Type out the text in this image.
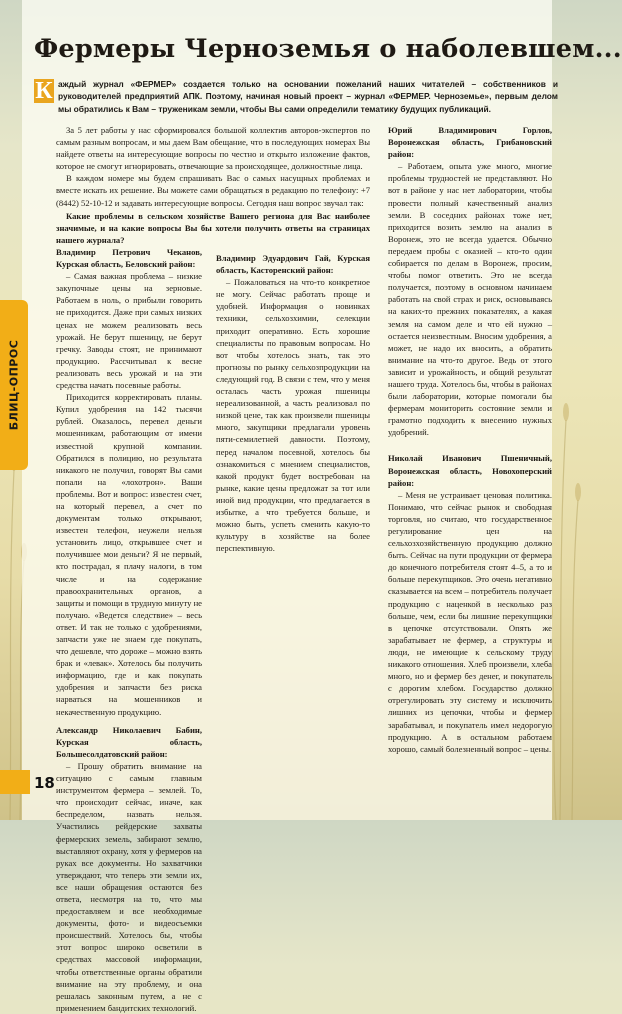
Фермеры Черноземья о наболевшем...
К аждый журнал «ФЕРМЕР» создается только на основании пожеланий наших читателей – собственников и руководителей предприятий АПК. Поэтому, начиная новый проект – журнал «ФЕРМЕР. Черноземье», первым делом мы обратились к Вам – труженикам земли, чтобы Вы сами определили тематику будущих публикаций.

За 5 лет работы у нас сформировался большой коллектив авторов-экспертов по самым разным вопросам, и мы даем Вам обещание, что в последующих номерах Вы найдете ответы на интересующие вопросы по честно и открыто изложение фактов, которое не смогут игнорировать, отвечающие за происходящее, должностные лица.

В каждом номере мы будем спрашивать Вас о самых насущных проблемах и вместе искать их решение. Вы можете сами обращаться в редакцию по телефону: +7 (8442) 52-10-12 и задавать интересующие вопросы. Сегодня наш вопрос звучал так:

Какие проблемы в сельском хозяйстве Вашего региона для Вас наиболее значимые, и на какие вопросы Вы бы хотели получить ответы на страницах нашего журнала?

Владимир Петрович Чеканов, Курская область, Беловский район:

– Самая важная проблема – низкие закупочные цены на зерновые. Работаем в ноль, о прибыли говорить не приходится. Даже при самых низких ценах не можем реализовать весь урожай. Не берут пшеницу, не берут гречку. Заводы стоят, не принимают продукцию. Рассчитывал к весне реализовать весь урожай и на эти средства начать посевные работы.

Приходится корректировать планы. Купил удобрения на 142 тысячи рублей. Оказалось, перевел деньги мошенникам, работающим от имени известной крупной компании. Обратился в полицию, но результата никакого не получил, говорят Вы сами попали на «лохотрон». Ваши проблемы. Вот и вопрос: известен счет, на который перевел, а счет по документам только открывают, известен телефон, неужели нельзя установить лицо, открывшее счет и получившее мои деньги? Я не первый, кто пострадал, я плачу налоги, в том числе и на содержание правоохранительных органов, а защиты и помощи в трудную минуту не получаю. «Ведется следствие» – весь ответ. И так не только с удобрениями, запчасти уже не знаем где покупать, что дешевле, что дороже – можно взять брак и «левак». Хотелось бы получить информацию, где и как покупать удобрения и запчасти без риска нарваться на мошенников и некачественную продукцию.

Александр Николаевич Бабин, Курская область, Большесолдатовский район:

– Прошу обратить внимание на ситуацию с самым главным инструментом фермера – землей. То, что происходит сейчас, иначе, как беспределом, назвать нельзя. Участились рейдерские захваты фермерских земель, забирают землю, выставляют охрану, хотя у фермеров на руках все документы. Но захватчики утверждают, что теперь эти земли их, все наши обращения остаются без ответа, несмотря на то, что мы предоставляем и все необходимые документы, фото- и видеосъемки происшествий. Хотелось бы, чтобы этот вопрос широко осветили в средствах массовой информации, чтобы ответственные органы обратили внимание на эту проблему, и она решалась законным путем, а не с применением бандитских технологий.

Владимир Эдуардович Гай, Курская область, Касторенский район:

– Пожаловаться на что-то конкретное не могу. Сейчас работать проще и удобней. Информация о новинках техники, сельхозхимии, селекции приходит оперативно. Есть хорошие специалисты по правовым вопросам. Но вот чтобы хотелось знать, так это прогнозы по рынку сельхозпродукции на следующий год. В связи с тем, что у меня осталась часть урожая пшеницы нереализованной, а часть реализовал по низкой цене, так как произвели пшеницы много, закупщики предлагали уровень пяти-семилетней давности. Поэтому, перед началом посевной, хотелось бы ознакомиться с мнением специалистов, какой продукт будет востребован на рынке, какие цены предложат за тот или иной вид продукции, что предлагается в избытке, а что требуется больше, и можно быть, успеть сменить какую-то культуру в хозяйстве на более перспективную.

Юрий Владимирович Горлов, Воронежская область, Грибановский район:

– Работаем, опыта уже много, многие проблемы трудностей не представляют. Но вот в районе у нас нет лаборатории, чтобы провести полный качественный анализ земли. В соседних районах тоже нет, приходится возить землю на анализ в Воронеж, это не всегда удается. Обычно передаем пробы с оказией – кто-то один собирается по делам в Воронеж, просим, чтобы помог ответить. Это не всегда получается, поэтому в основном начинаем работать на свой страх и риск, основываясь на каких-то прежних показателях, а какая земля на самом деле и что ей нужно – остается неизвестным. Вносим удобрения, а может, не надо их вносить, а обратить внимание на что-то другое. Ведь от этого зависит и урожайность, и общий результат нашего труда. Хотелось бы, чтобы в районах были лаборатории, которые помогали бы фермерам мониторить состояние земли и грамотно подходить к внесению нужных удобрений.

Николай Иванович Пшеничный, Воронежская область, Новохоперский район:

– Меня не устраивает ценовая политика. Понимаю, что сейчас рынок и свободная торговля, но считаю, что государственное регулирование цен на сельхозхозяйственную продукцию должно быть. Сейчас на пути продукции от фермера до конечного потребителя стоят 4–5, а то и больше перекупщиков. Это очень негативно сказывается на всем – потребитель получает продукцию с наценкой в несколько раз больше, чем, если бы лишние перекупщики в цепочке отсутствовали. Опять же зарабатывает не фермер, а структуры и люди, не имеющие к сельскому труду никакого отношения. Хлеб произвели, хлеба много, но и фермер без денег, и покупатель с дорогим хлебом. Государство должно отрегулировать эту систему и исключить лишних из цепочки, чтобы и фермер зарабатывал, и покупатель имел недорогую продукцию. А в остальном работаем хорошо, самый болезненный вопрос – цены.

БЛИЦ-ОПРОС
18
